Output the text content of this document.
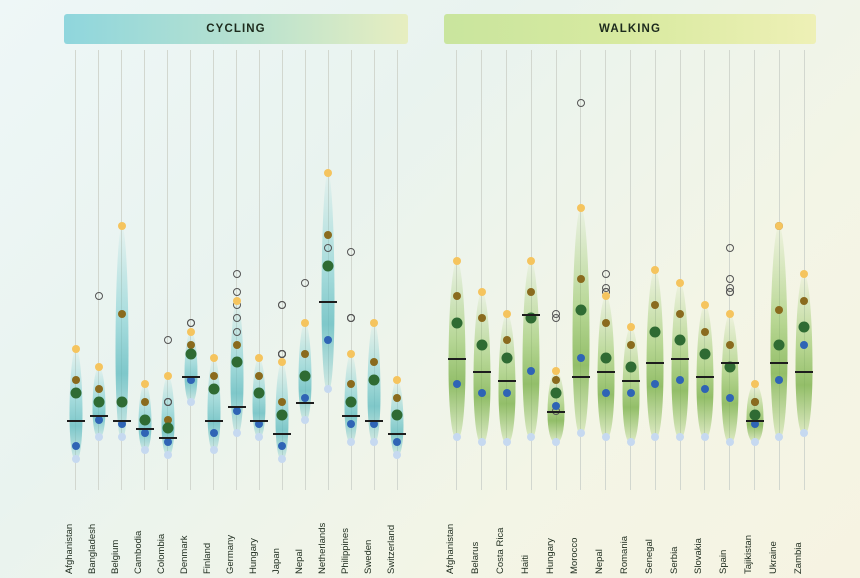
CYCLING
Afghanistan Bangladesh Belgium Cambodia Colombia Denmark Finland Germany Hungary Japan Nepal Netherlands Philippines Sweden Switzerland
WALKING
Afghanistan Belarus Costa Rica Haiti Hungary Morocco Nepal Romania Senegal Serbia Slovakia Spain Tajikistan Ukraine Zambia
